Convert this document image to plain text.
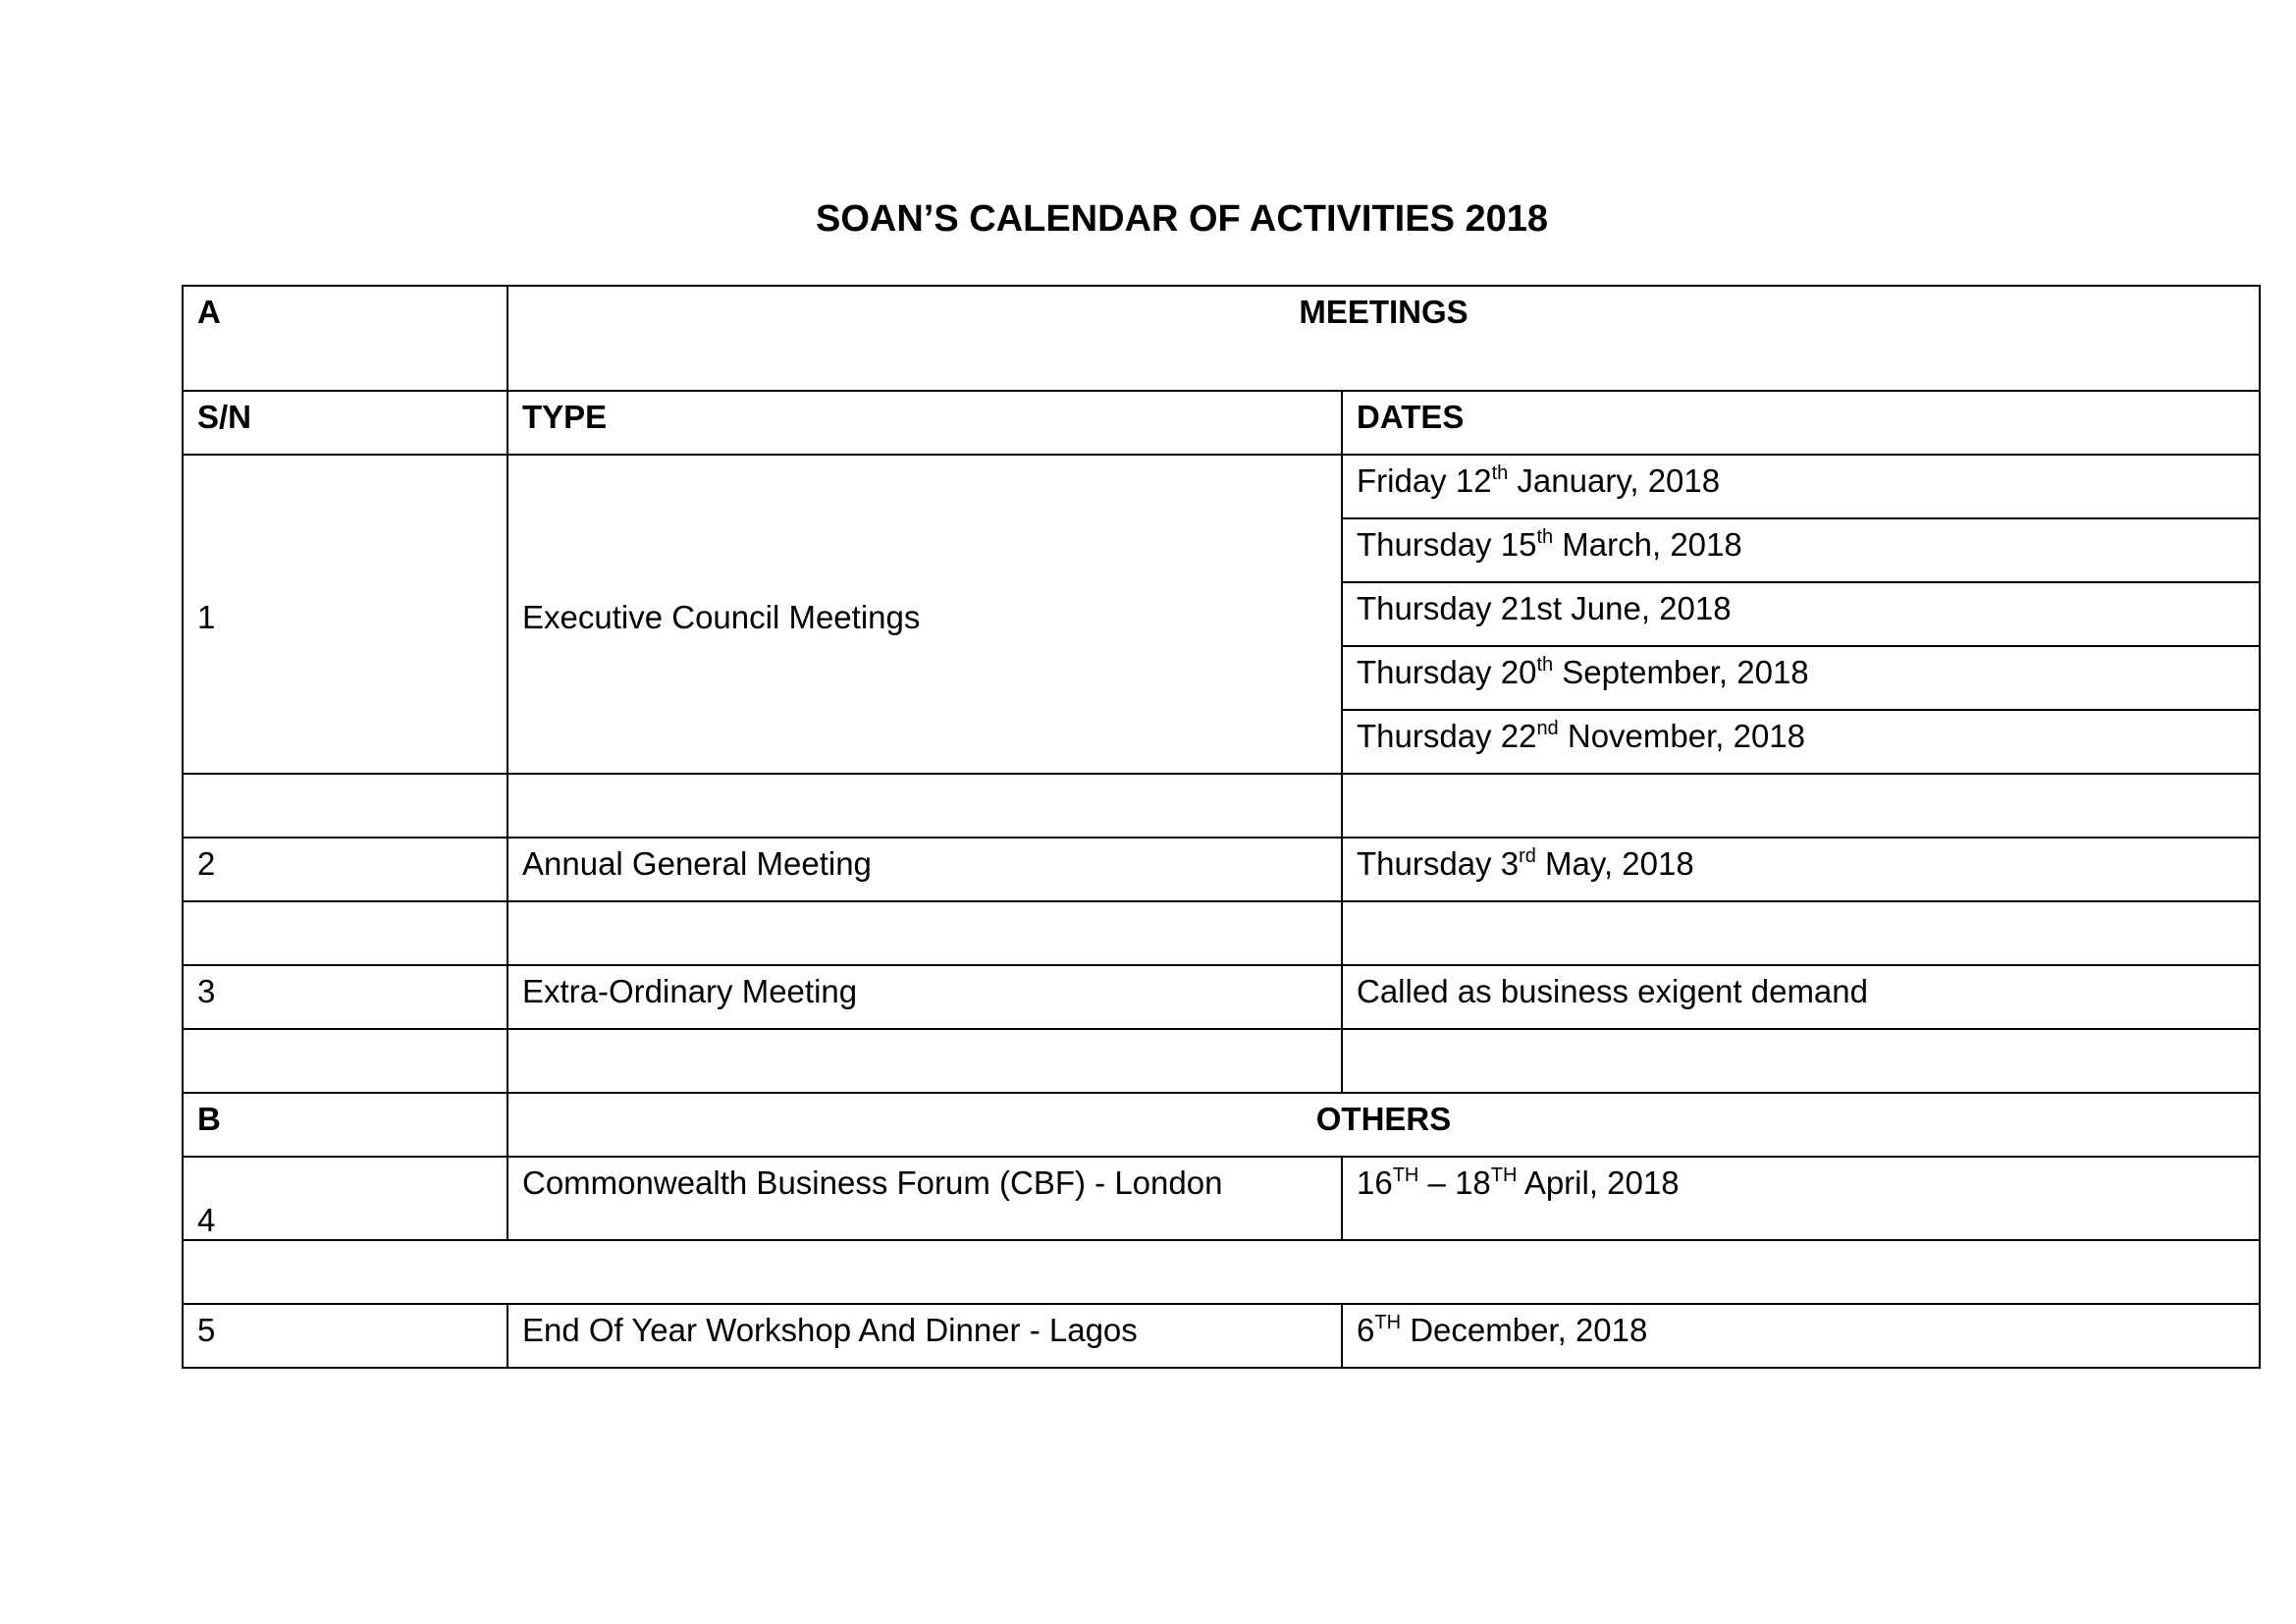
SOAN’S CALENDAR OF ACTIVITIES 2018
A	MEETINGS	
S/N	TYPE	DATES
1	Executive Council Meetings	Friday 12th January, 2018
		Thursday 15th March, 2018
		Thursday 21st June, 2018
		Thursday 20th September, 2018
		Thursday 22nd November, 2018

2	Annual General Meeting	Thursday 3rd May, 2018

3	Extra-Ordinary Meeting	Called as business exigent demand

B	OTHERS	
4	Commonwealth Business Forum (CBF) - London	16TH – 18TH April, 2018

5	End Of Year Workshop And Dinner - Lagos	6TH December, 2018
